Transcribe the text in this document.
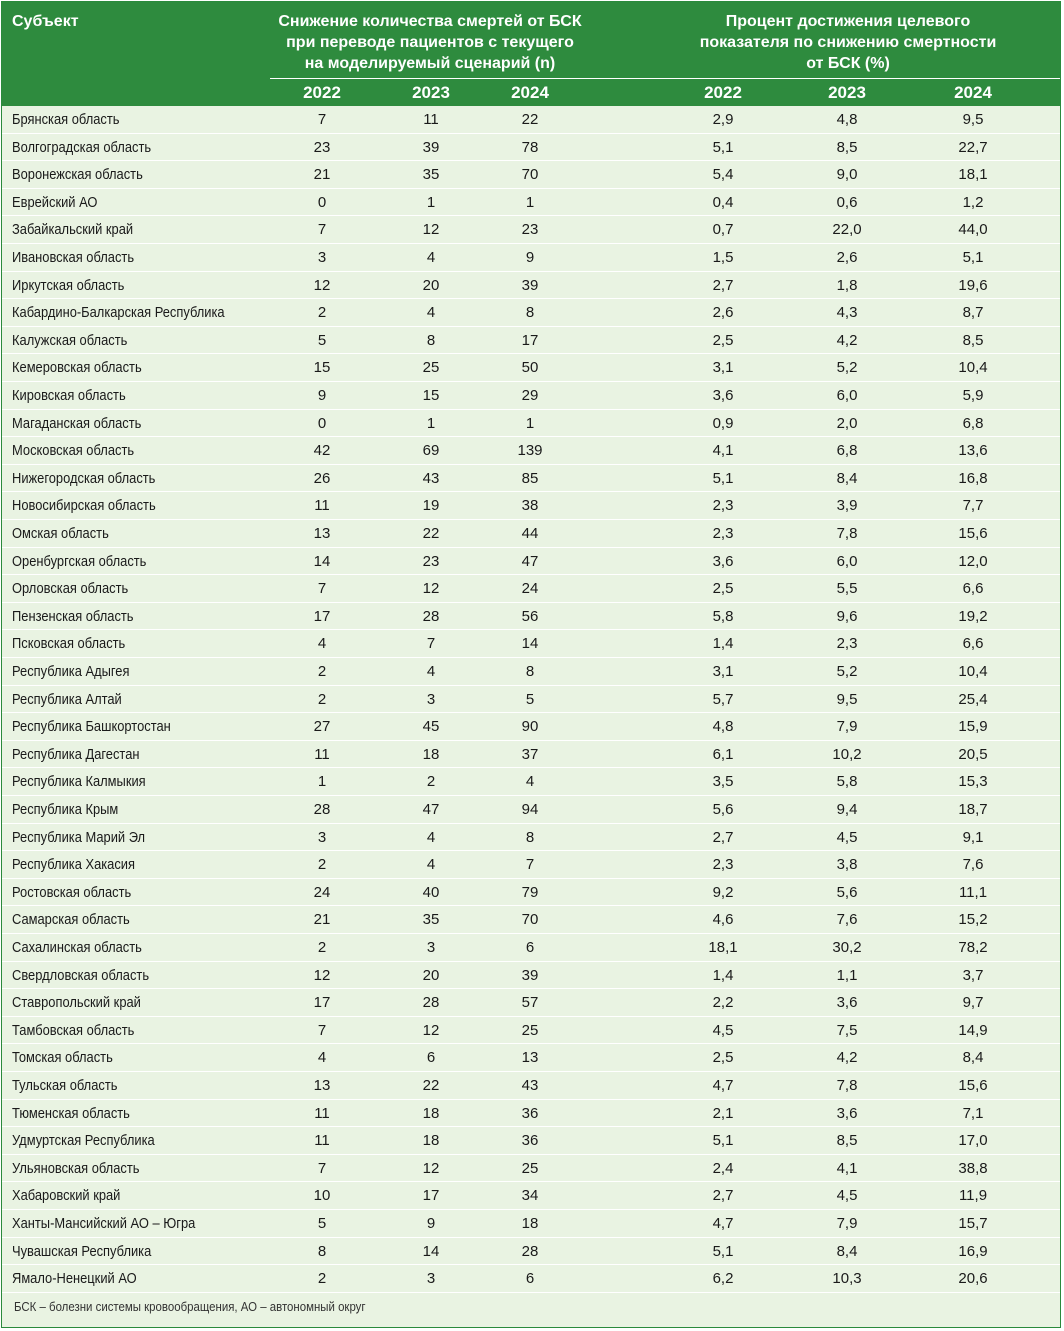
Субъект	Снижение количества смертей от БСК
при переводе пациентов с текущего
на моделируемый сценарий (n)
Процент достижения целевого
показателя по снижению смертности
от БСК (%)
2022	2023	2024	2022	2023	2024
Брянская область	7	11	22	2,9	4,8	9,5
Волгоградская область	23	39	78	5,1	8,5	22,7
Воронежская область	21	35	70	5,4	9,0	18,1
Еврейский АО	0	1	1	0,4	0,6	1,2
Забайкальский край	7	12	23	0,7	22,0	44,0
Ивановская область	3	4	9	1,5	2,6	5,1
Иркутская область	12	20	39	2,7	1,8	19,6
Кабардино-Балкарская Республика	2	4	8	2,6	4,3	8,7
Калужская область	5	8	17	2,5	4,2	8,5
Кемеровская область	15	25	50	3,1	5,2	10,4
Кировская область	9	15	29	3,6	6,0	5,9
Магаданская область	0	1	1	0,9	2,0	6,8
Московская область	42	69	139	4,1	6,8	13,6
Нижегородская область	26	43	85	5,1	8,4	16,8
Новосибирская область	11	19	38	2,3	3,9	7,7
Омская область	13	22	44	2,3	7,8	15,6
Оренбургская область	14	23	47	3,6	6,0	12,0
Орловская область	7	12	24	2,5	5,5	6,6
Пензенская область	17	28	56	5,8	9,6	19,2
Псковская область	4	7	14	1,4	2,3	6,6
Республика Адыгея	2	4	8	3,1	5,2	10,4
Республика Алтай	2	3	5	5,7	9,5	25,4
Республика Башкортостан	27	45	90	4,8	7,9	15,9
Республика Дагестан	11	18	37	6,1	10,2	20,5
Республика Калмыкия	1	2	4	3,5	5,8	15,3
Республика Крым	28	47	94	5,6	9,4	18,7
Республика Марий Эл	3	4	8	2,7	4,5	9,1
Республика Хакасия	2	4	7	2,3	3,8	7,6
Ростовская область	24	40	79	9,2	5,6	11,1
Самарская область	21	35	70	4,6	7,6	15,2
Сахалинская область	2	3	6	18,1	30,2	78,2
Свердловская область	12	20	39	1,4	1,1	3,7
Ставропольский край	17	28	57	2,2	3,6	9,7
Тамбовская область	7	12	25	4,5	7,5	14,9
Томская область	4	6	13	2,5	4,2	8,4
Тульская область	13	22	43	4,7	7,8	15,6
Тюменская область	11	18	36	2,1	3,6	7,1
Удмуртская Республика	11	18	36	5,1	8,5	17,0
Ульяновская область	7	12	25	2,4	4,1	38,8
Хабаровский край	10	17	34	2,7	4,5	11,9
Ханты-Мансийский АО – Югра	5	9	18	4,7	7,9	15,7
Чувашская Республика	8	14	28	5,1	8,4	16,9
Ямало-Ненецкий АО	2	3	6	6,2	10,3	20,6
БСК – болезни системы кровообращения, АО – автономный округ
